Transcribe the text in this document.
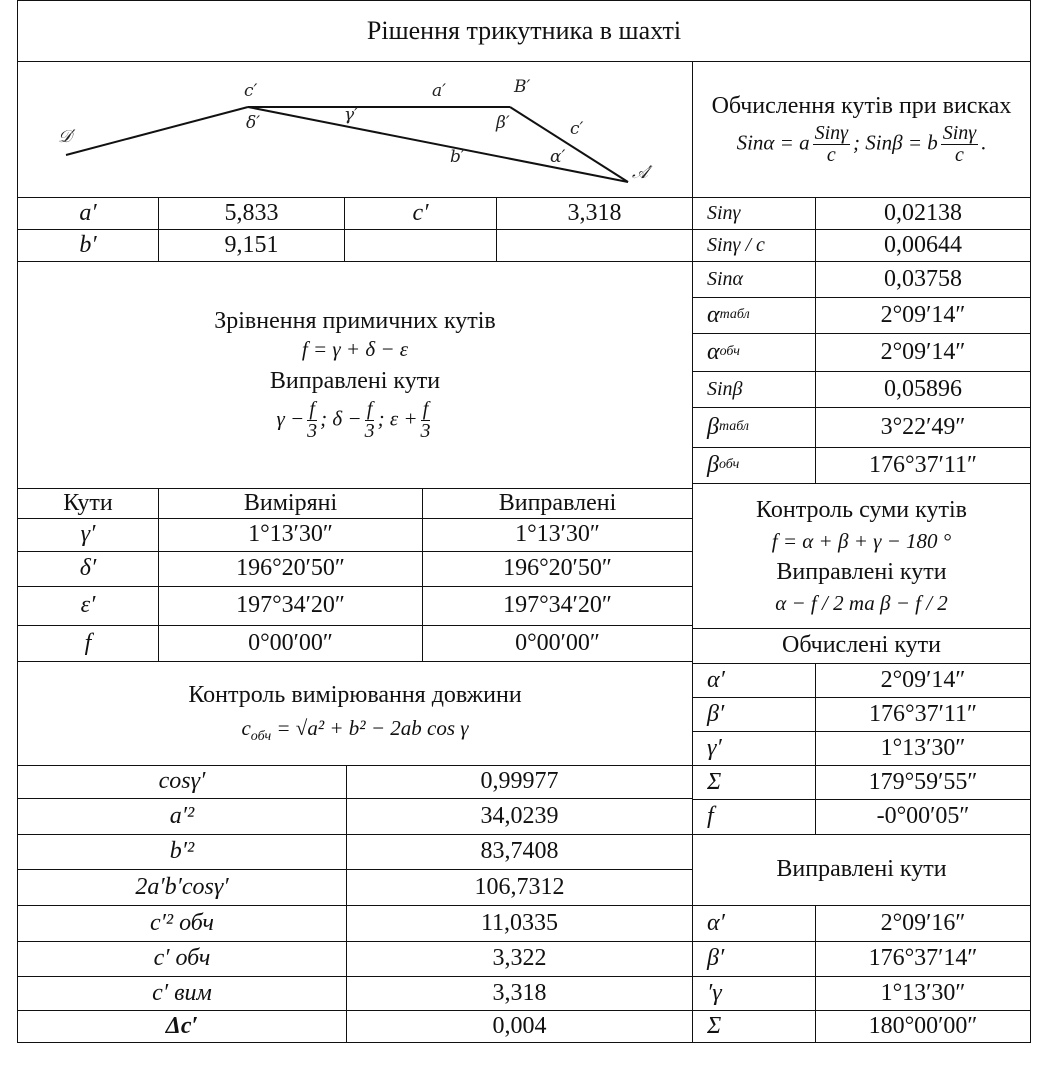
Рішення трикутника в шахті
𝒟′
c′
δ′	γ′
a′	B′
β′	c′
b′	α′
𝒜′
Обчислення кутів при висках
Sinα = a $\frac{\text{Sinγ}}{c}$ ; Sinβ = b $\frac{\text{Sinγ}}{c}$ .
a′	5,833	c′	3,318
b′	9,151
Sinγ	0,02138
Sinγ / c	0,00644
Sinα	0,03758
α табл	2°09′14″
α обч	2°09′14″
Sinβ	0,05896
β табл	3°22′49″
β обч	176°37′11″
Зрівнення примичних кутів
f = γ + δ − ε
Виправлені кути
$\gamma - \frac{f}{3}$ ; $\delta - \frac{f}{3}$ ; $\varepsilon + \frac{f}{3}$
Кути	Виміряні	Виправлені
γ′	1°13′30″	1°13′30″
δ′	196°20′50″	196°20′50″
ε′	197°34′20″	197°34′20″
f	0°00′00″	0°00′00″
Контроль суми кутів
f = α + β + γ − 180 °
Виправлені кути
α − f / 2 та β − f / 2
Обчислені кути
α′	2°09′14″
β′	176°37′11″
γ′	1°13′30″
Σ	179°59′55″
f	-0°00′05″
Контроль вимірювання довжини
$c_{обч} = √a^2 + b^2 - 2ab$ cos γ
cosγ′	0,99977
a′²	34,0239
b′²	83,7408
2a′b′cosγ′	106,7312
c′² обч	11,0335
c′ обч	3,322
c′ вим	3,318
Δc′	0,004
Виправлені кути
α′	2°09′16″
β′	176°37′14″
′γ	1°13′30″
Σ	180°00′00″
